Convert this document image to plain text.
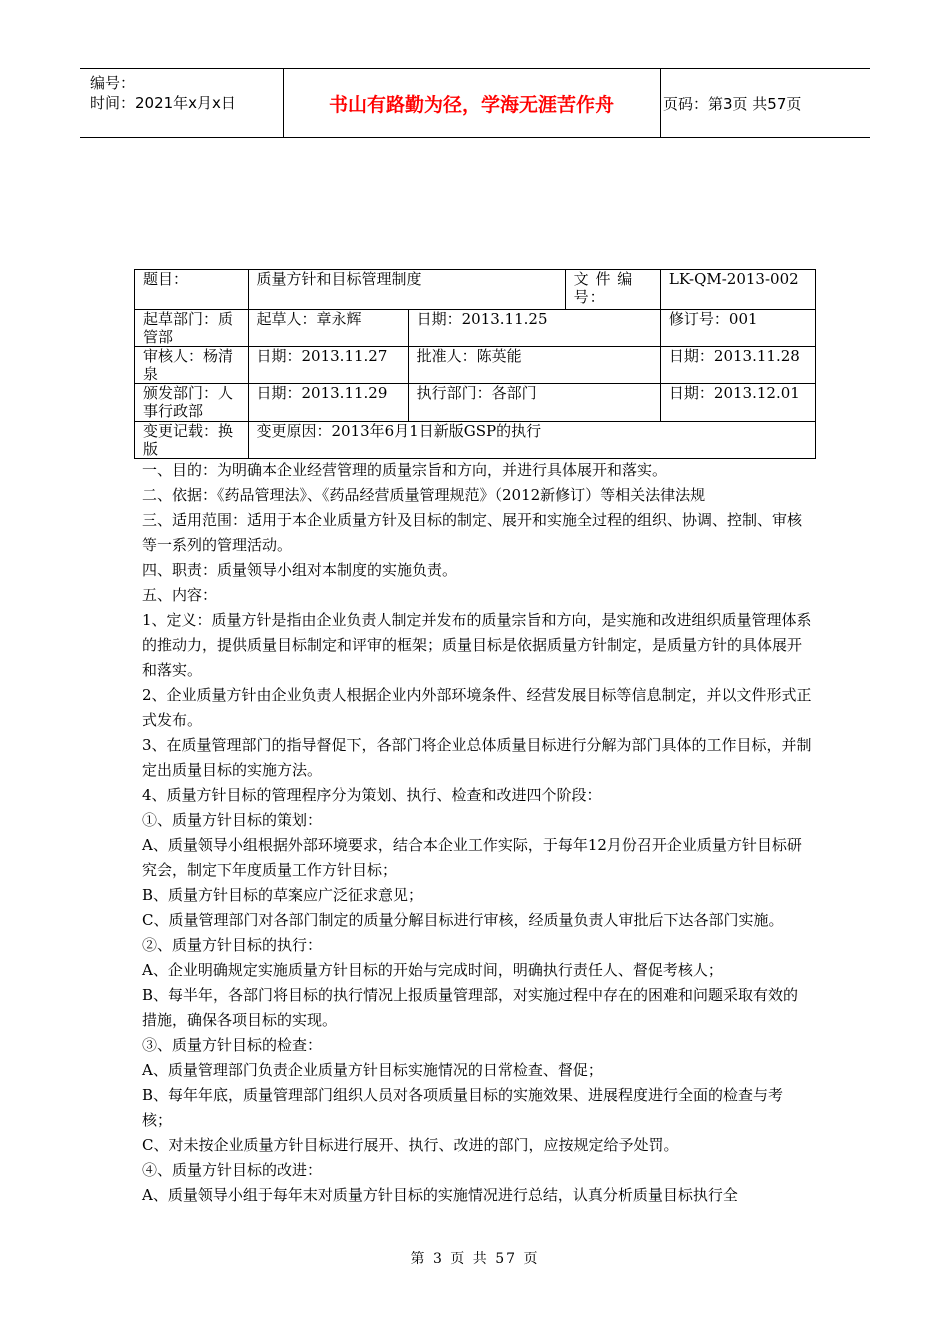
编号：
时间：2021年x月x日	书山有路勤为径，学海无涯苦作舟	页码：第3页 共57页
题目：	质量方针和目标管理制度		文 件 编号：	LK-QM-2013-002
起草部门：质管部	起草人：章永辉	日期：2013.11.25		修订号：001
审核人：杨清泉	日期：2013.11.27	批准人：陈英能		日期：2013.11.28
颁发部门：人事行政部	日期：2013.11.29	执行部门：各部门		日期：2013.12.01
变更记载：换版	变更原因：2013年6月1日新版GSP的执行			

一、目的：为明确本企业经营管理的质量宗旨和方向，并进行具体展开和落实。

二、依据：《药品管理法》、《药品经营质量管理规范》（2012新修订）等相关法律法规

三、适用范围：适用于本企业质量方针及目标的制定、展开和实施全过程的组织、协调、控制、审核等一系列的管理活动。

四、职责：质量领导小组对本制度的实施负责。

五、内容：

1、定义：质量方针是指由企业负责人制定并发布的质量宗旨和方向，是实施和改进组织质量管理体系的推动力，提供质量目标制定和评审的框架；质量目标是依据质量方针制定，是质量方针的具体展开和落实。

2、企业质量方针由企业负责人根据企业内外部环境条件、经营发展目标等信息制定，并以文件形式正式发布。

3、在质量管理部门的指导督促下，各部门将企业总体质量目标进行分解为部门具体的工作目标，并制定出质量目标的实施方法。

4、质量方针目标的管理程序分为策划、执行、检查和改进四个阶段：

①、质量方针目标的策划：

A、质量领导小组根据外部环境要求，结合本企业工作实际，于每年12月份召开企业质量方针目标研究会，制定下年度质量工作方针目标；

B、质量方针目标的草案应广泛征求意见；

C、质量管理部门对各部门制定的质量分解目标进行审核，经质量负责人审批后下达各部门实施。

②、质量方针目标的执行：

A、企业明确规定实施质量方针目标的开始与完成时间，明确执行责任人、督促考核人；

B、每半年，各部门将目标的执行情况上报质量管理部，对实施过程中存在的困难和问题采取有效的措施，确保各项目标的实现。

③、质量方针目标的检查：

A、质量管理部门负责企业质量方针目标实施情况的日常检查、督促；

B、每年年底，质量管理部门组织人员对各项质量目标的实施效果、进展程度进行全面的检查与考核；

C、对未按企业质量方针目标进行展开、执行、改进的部门，应按规定给予处罚。

④、质量方针目标的改进：

A、质量领导小组于每年末对质量方针目标的实施情况进行总结，认真分析质量目标执行全

第 3 页 共 57 页
